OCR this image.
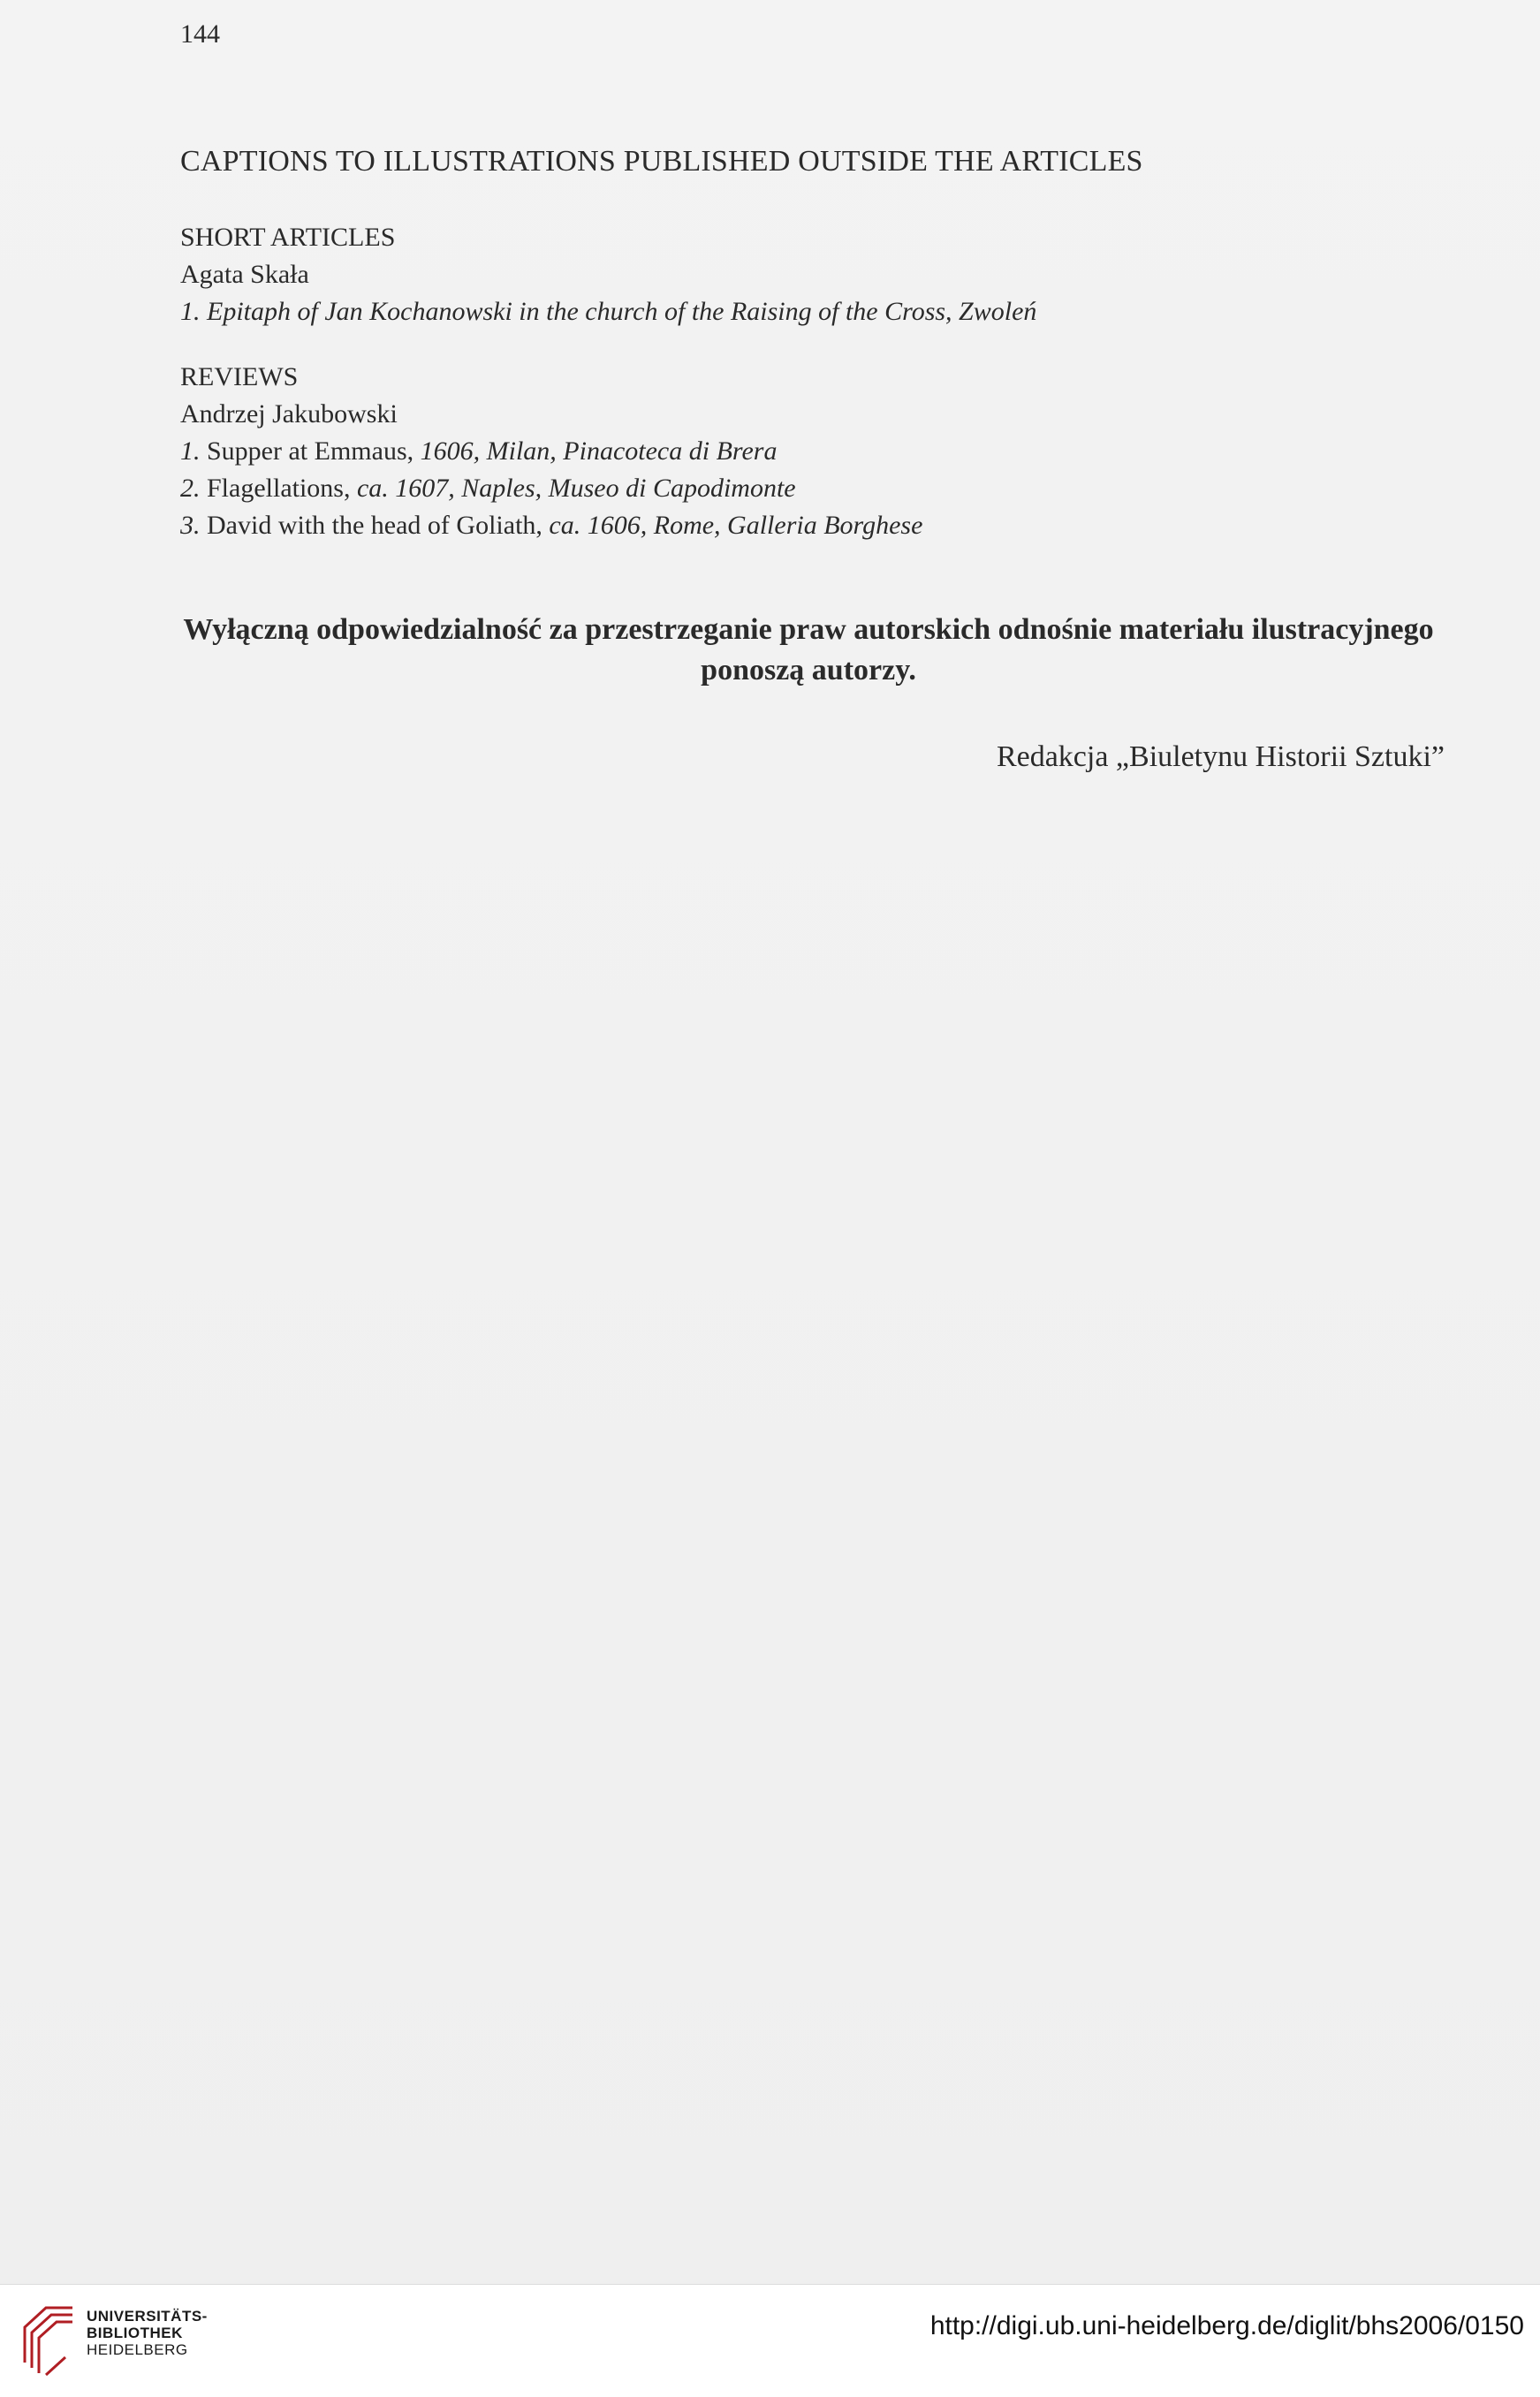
144
CAPTIONS TO ILLUSTRATIONS PUBLISHED OUTSIDE THE ARTICLES
SHORT ARTICLES
Agata Skała
1. Epitaph of Jan Kochanowski in the church of the Raising of the Cross, Zwoleń
REVIEWS
Andrzej Jakubowski
1. Supper at Emmaus, 1606, Milan, Pinacoteca di Brera
2. Flagellations, ca. 1607, Naples, Museo di Capodimonte
3. David with the head of Goliath, ca. 1606, Rome, Galleria Borghese
Wyłączną odpowiedzialność za przestrzeganie praw autorskich odnośnie materiału ilustracyjnego ponoszą autorzy.
Redakcja „Biuletynu Historii Sztuki”
UNIVERSITÄTS-
BIBLIOTHEK
HEIDELBERG
http://digi.ub.uni-heidelberg.de/diglit/bhs2006/0150
